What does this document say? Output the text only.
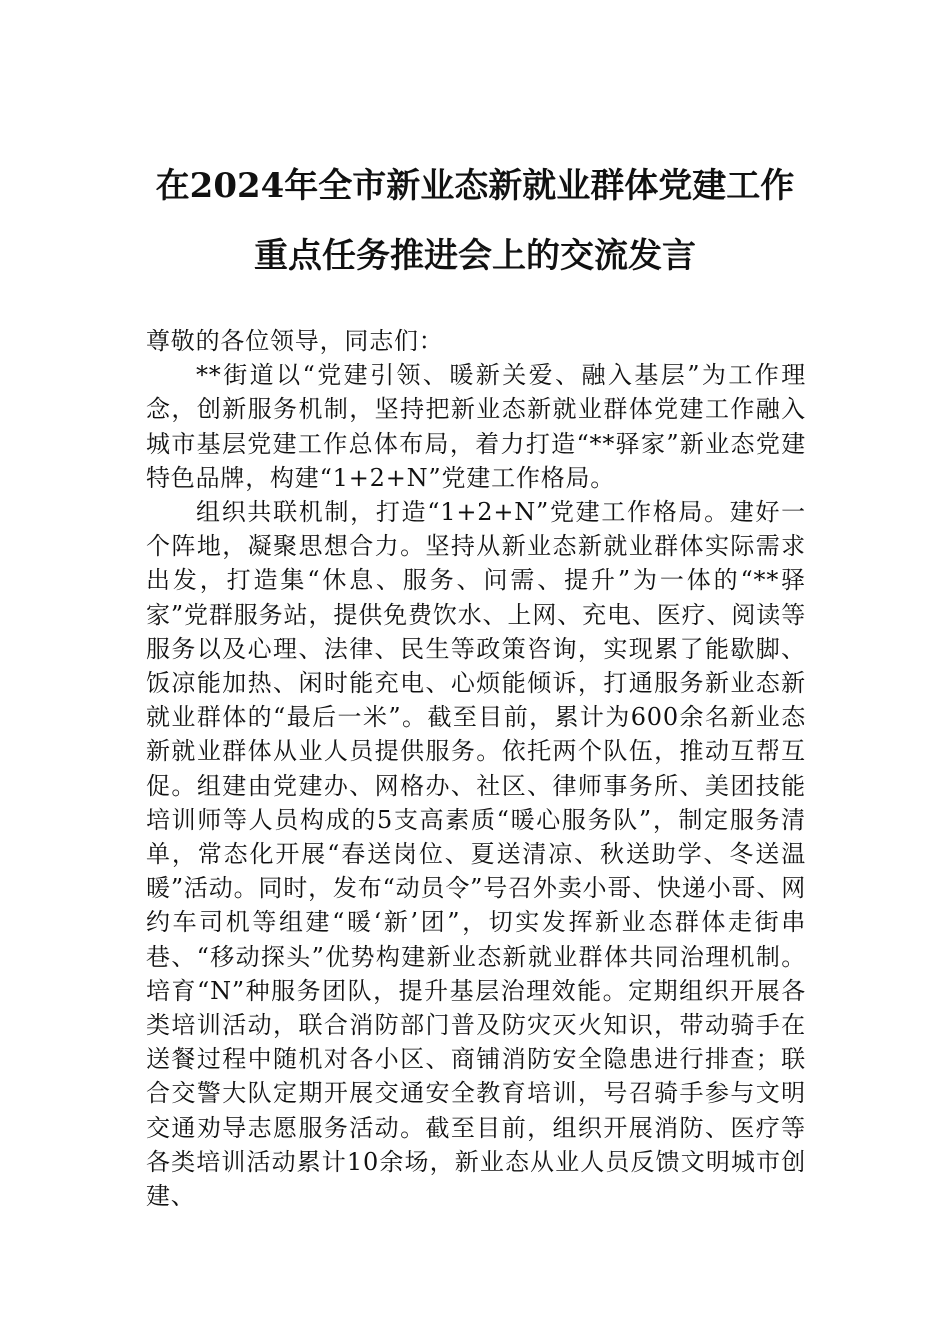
在2024年全市新业态新就业群体党建工作
重点任务推进会上的交流发言

尊敬的各位领导，同志们：

**街道以“党建引领、暖新关爱、融入基层”为工作理念，创新服务机制，坚持把新业态新就业群体党建工作融入城市基层党建工作总体布局，着力打造“**驿家”新业态党建特色品牌，构建“1+2+N”党建工作格局。

组织共联机制，打造“1+2+N”党建工作格局。建好一个阵地，凝聚思想合力。坚持从新业态新就业群体实际需求出发，打造集“休息、服务、问需、提升”为一体的“**驿家”党群服务站，提供免费饮水、上网、充电、医疗、阅读等服务以及心理、法律、民生等政策咨询，实现累了能歇脚、饭凉能加热、闲时能充电、心烦能倾诉，打通服务新业态新就业群体的“最后一米”。截至目前，累计为600余名新业态新就业群体从业人员提供服务。依托两个队伍，推动互帮互促。组建由党建办、网格办、社区、律师事务所、美团技能培训师等人员构成的5支高素质“暖心服务队”，制定服务清单，常态化开展“春送岗位、夏送清凉、秋送助学、冬送温暖”活动。同时，发布“动员令”号召外卖小哥、快递小哥、网约车司机等组建“暖‘新’团”，切实发挥新业态群体走街串巷、“移动探头”优势构建新业态新就业群体共同治理机制。培育“N”种服务团队，提升基层治理效能。定期组织开展各类培训活动，联合消防部门普及防灾灭火知识，带动骑手在送餐过程中随机对各小区、商铺消防安全隐患进行排查；联合交警大队定期开展交通安全教育培训，号召骑手参与文明交通劝导志愿服务活动。截至目前，组织开展消防、医疗等各类培训活动累计10余场，新业态从业人员反馈文明城市创建、
